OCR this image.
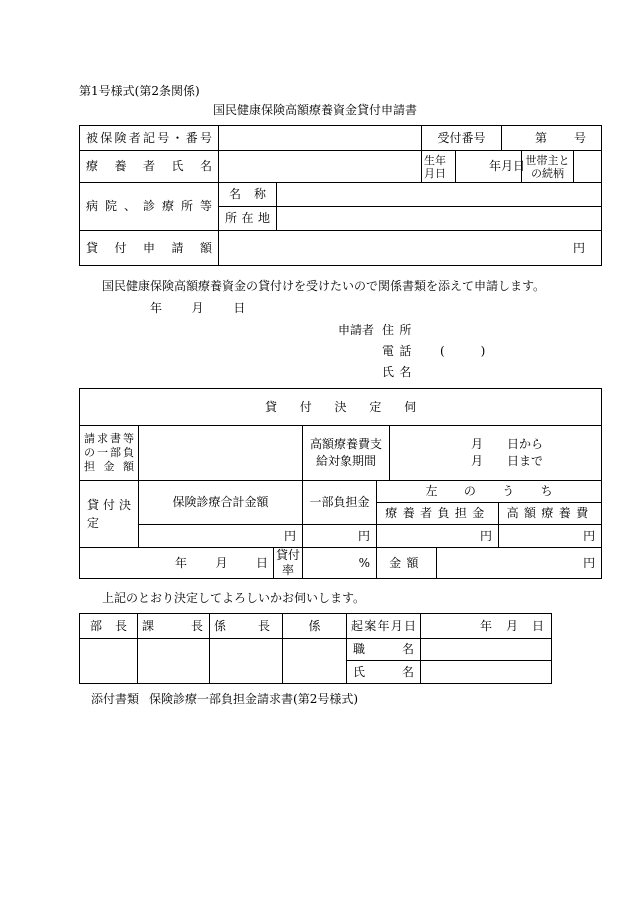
第1号様式(第2条関係)
国民健康保険高額療養資金貸付申請書
被保険者記号・番号			受付番号		第 号		

療養者氏名			生年月日	年 月 日		世帯主との続柄	

病院、診療所等	名称						
	所在地						
貸付申請額	円						
国民健康保険高額療養資金の貸付けを受けたいので関係書類を添えて申請します。
年 月 日
申請者 住所
電話 (　　　)
氏名
貸付決定伺							

請求書等の一部負担金額			高額療養費支給対象期間		月　　日から
月　　日まで		

貸付決定	保険診療合計金額		一部負担金	左のうち			
				療養者負担金			高額療養費
	円		円	円			円

年 月 日		貸付率	%	金額		円	
上記のとおり決定してよろしいかお伺いします。
部長	課長	係長	係	起案年月日	年 月 日

				職名	
				氏名	
添付書類 保険診療一部負担金請求書(第2号様式)
